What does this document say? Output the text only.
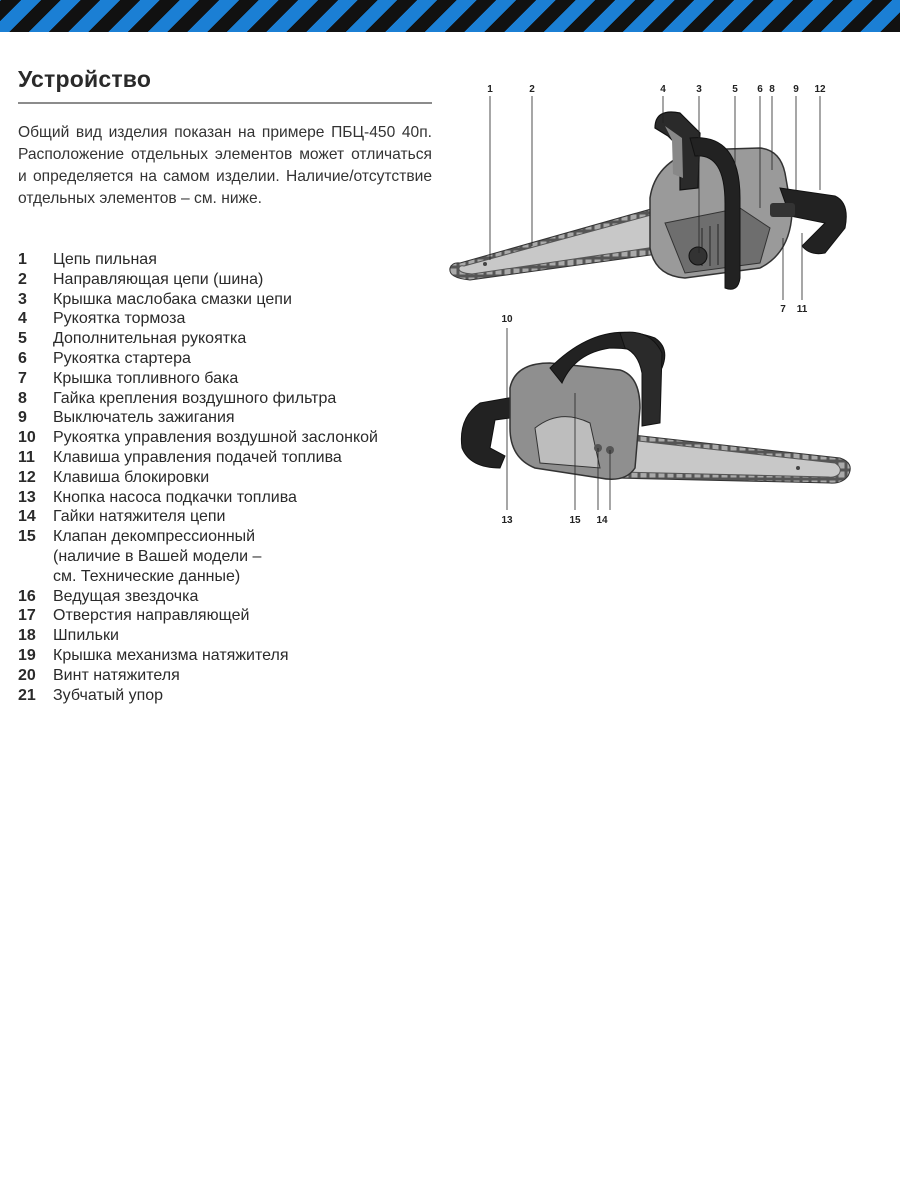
Устройство

Общий вид изделия показан на примере ПБЦ-450 40п. Расположение отдельных элементов может отличаться и определяется на самом изделии. Наличие/отсутствие отдельных элементов – см. ниже.

1	Цепь пильная
2	Направляющая цепи (шина)
3	Крышка маслобака смазки цепи
4	Рукоятка тормоза
5	Дополнительная рукоятка
6	Рукоятка стартера
7	Крышка топливного бака
8	Гайка крепления воздушного фильтра
9	Выключатель зажигания
10	Рукоятка управления воздушной заслонкой
11	Клавиша управления подачей топлива
12	Клавиша блокировки
13	Кнопка насоса подкачки топлива
14	Гайки натяжителя цепи
15	Клапан декомпрессионный
(наличие в Вашей модели –
см. Технические данные)
16	Ведущая звездочка
17	Отверстия направляющей
18	Шпильки
19	Крышка механизма натяжителя
20	Винт натяжителя
21	Зубчатый упор
1	2	4	3	5 6 8 9 12
7 11
10
13	15 14
